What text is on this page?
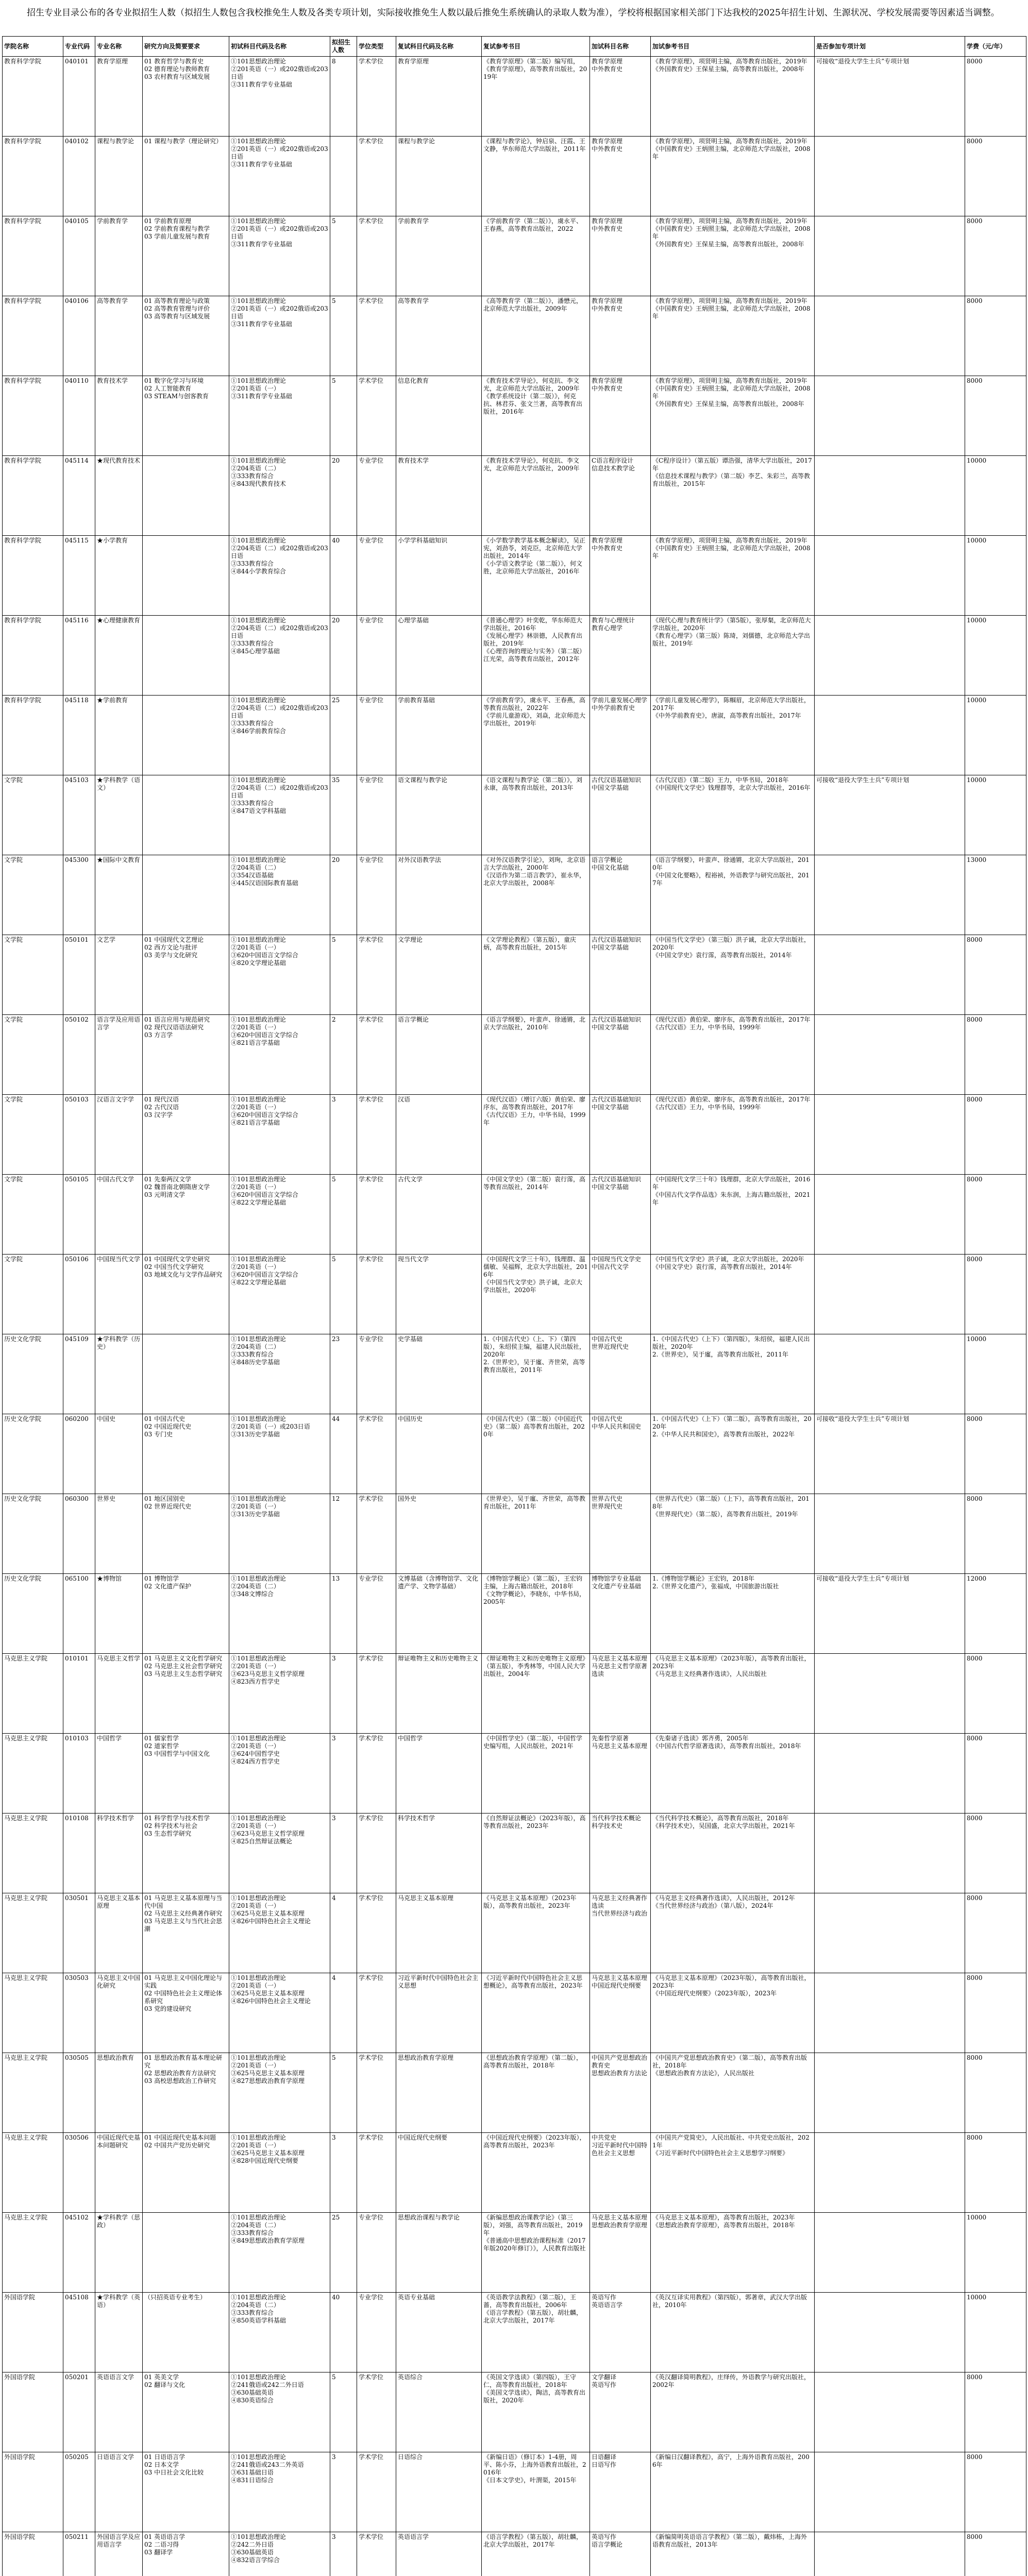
招生专业目录公布的各专业拟招生人数（拟招生人数包含我校推免生人数及各类专项计划，实际接收推免生人数以最后推免生系统确认的录取人数为准），学校将根据国家相关部门下达我校的2025年招生计划、生源状况、学校发展需要等因素适当调整。
学院名称	专业代码	专业名称	研究方向及简要要求	初试科目代码及名称	拟招生人数	学位类型	复试科目代码及名称	复试参考书目	加试科目名称	加试参考书目	是否参加专项计划	学费（元/年）

教育科学学院	040101	教育学原理	01 教育哲学与教育史
02 德育理论与教师教育
03 农村教育与区域发展	①101思想政治理论
②201英语（一）或202俄语或203日语
③311教育学专业基础	8	学术学位	教育学原理	《教育学原理》（第二版）编写组，《教育学原理》，高等教育出版社，2019年	教育学原理
中外教育史	《教育学原理》，项贤明主编，高等教育出版社，2019年
《外国教育史》王保星主编，高等教育出版社，2008年	可接收“退役大学生士兵”专项计划	8000

教育科学学院	040102	课程与教学论	01 课程与教学（理论研究）	①101思想政治理论
②201英语（一）或202俄语或203日语
③311教育学专业基础		学术学位	课程与教学论	《课程与教学论》，钟启泉、汪霞、王文静，华东师范大学出版社，2011年	教育学原理
中外教育史	《教育学原理》，项贤明主编，高等教育出版社，2019年
《中国教育史》王炳照主编，北京师范大学出版社，2008年		8000

教育科学学院	040105	学前教育学	01 学前教育原理
02 学前教育课程与教学
03 学前儿童发展与教育	①101思想政治理论
②201英语（一）或202俄语或203日语
③311教育学专业基础	5	学术学位	学前教育学	《学前教育学（第二版）》，虞永平、王春燕，高等教育出版社，2022	教育学原理
中外教育史	《教育学原理》，项贤明主编，高等教育出版社，2019年
《中国教育史》王炳照主编，北京师范大学出版社，2008年
《外国教育史》王保星主编，高等教育出版社，2008年		8000

教育科学学院	040106	高等教育学	01 高等教育理论与政策
02 高等教育管理与评价
03 高等教育与区域发展	①101思想政治理论
②201英语（一）或202俄语或203日语
③311教育学专业基础	5	学术学位	高等教育学	《高等教育学（第二版）》，潘懋元，北京师范大学出版社，2009年	教育学原理
中外教育史	《教育学原理》，项贤明主编，高等教育出版社，2019年
《中国教育史》王炳照主编，北京师范大学出版社，2008年		8000

教育科学学院	040110	教育技术学	01 数字化学习与环境
02 人工智能教育
03 STEAM与创客教育	①101思想政治理论
②201英语（一）
③311教育学专业基础	5	学术学位	信息化教育	《教育技术学导论》，何克抗、李文光，北京师范大学出版社，2009年
《教学系统设计（第二版）》，何克抗、林君芬、张文兰著，高等教育出版社，2016年	教育学原理
中外教育史	《教育学原理》，项贤明主编，高等教育出版社，2019年
《中国教育史》王炳照主编，北京师范大学出版社，2008年
《外国教育史》王保星主编，高等教育出版社，2008年		8000

教育科学学院	045114	★现代教育技术		①101思想政治理论
②204英语（二）
③333教育综合
④843现代教育技术	20	专业学位	教育技术学	《教育技术学导论》，何克抗、李文光，北京师范大学出版社，2009年	C语言程序设计
信息技术教学论	《C程序设计》（第五版）谭浩强，清华大学出版社，2017年
《信息技术课程与教学》（第二版）李艺、朱彩兰，高等教育出版社，2015年		10000

教育科学学院	045115	★小学教育		①101思想政治理论
②204英语（二）或202俄语或203日语
③333教育综合
④844小学教育综合	40	专业学位	小学学科基础知识	《小学数学教学基本概念解读》，吴正宪，刘劲苓，刘克臣，北京师范大学出版社，2014年
《小学语文教学论（第二版）》，何文胜，北京师范大学出版社，2016年	教育学原理
中外教育史	《教育学原理》，项贤明主编，高等教育出版社，2019年
《中国教育史》王炳照主编，北京师范大学出版社，2008年		10000

教育科学学院	045116	★心理健康教育		①101思想政治理论
②204英语（二）或202俄语或203日语
③333教育综合
④845心理学基础	20	专业学位	心理学基础	《普通心理学》叶奕乾，华东师范大学出版社，2016年
《发展心理学》林崇德，人民教育出版社，2019年
《心理咨询的理论与实务》（第二版）江光荣，高等教育出版社，2012年	教育与心理统计
教育心理学	《现代心理与教育统计学》（第5版），张厚粲，北京师范大学出版社，2020年
《教育心理学》（第三版）陈琦，刘儒德，北京师范大学出版社，2019年		10000

教育科学学院	045118	★学前教育		①101思想政治理论
②204英语（二）或202俄语或203日语
③333教育综合
④846学前教育综合	25	专业学位	学前教育基础	《学前教育学》，虞永平、王春燕，高等教育出版社，2022年
《学前儿童游戏》，刘焱，北京师范大学出版社，2019年	学前儿童发展心理学
中外学前教育史	《学前儿童发展心理学》，陈帼眉，北京师范大学出版社，2017年
《中外学前教育史》，唐淑，高等教育出版社，2017年		10000

文学院	045103	★学科教学（语文）		①101思想政治理论
②204英语（二）或202俄语或203日语
③333教育综合
④847语文学科基础	35	专业学位	语文课程与教学论	《语文课程与教学论（第二版）》，刘永康，高等教育出版社，2013年	古代汉语基础知识
中国文学基础	《古代汉语》（第二版）王力，中华书局，2018年
《中国现代文学史》钱理群等，北京大学出版社，2016年	可接收“退役大学生士兵”专项计划	10000

文学院	045300	★国际中文教育		①101思想政治理论
②204英语（二）
③354汉语基础
④445汉语国际教育基础	20	专业学位	对外汉语教学法	《对外汉语教学引论》，刘珣，北京语言大学出版社，2000年
《汉语作为第二语言教学》，崔永华，北京大学出版社，2008年	语言学概论
中国文化基础	《语言学纲要》，叶蜚声、徐通锵，北京大学出版社，2010年
《中国文化要略》，程裕祯，外语教学与研究出版社，2017年		13000

文学院	050101	文艺学	01 中国现代文艺理论
02 西方文论与批评
03 美学与文化研究	①101思想政治理论
②201英语（一）
③620中国语言文学综合
④820文学理论基础	5	学术学位	文学理论	《文学理论教程》（第五版），童庆炳，高等教育出版社，2015年	古代汉语基础知识
中国文学基础	《中国当代文学史》（第三版）洪子诚，北京大学出版社，2020年
《中国文学史》袁行霈，高等教育出版社，2014年		8000

文学院	050102	语言学及应用语言学	01 语言应用与规范研究
02 现代汉语语法研究
03 方言学	①101思想政治理论
②201英语（一）
③620中国语言文学综合
④821语言学基础	2	学术学位	语言学概论	《语言学纲要》，叶蜚声、徐通锵，北京大学出版社，2010年	古代汉语基础知识
中国文学基础	《现代汉语》黄伯荣、廖序东，高等教育出版社，2017年
《古代汉语》王力，中华书局，1999年		8000

文学院	050103	汉语言文字学	01 现代汉语
02 古代汉语
03 汉字学	①101思想政治理论
②201英语（一）
③620中国语言文学综合
④821语言学基础	3	学术学位	汉语	《现代汉语》（增订六版）黄伯荣、廖序东，高等教育出版社，2017年
《古代汉语》王力，中华书局，1999年	古代汉语基础知识
中国文学基础	《现代汉语》黄伯荣、廖序东，高等教育出版社，2017年
《古代汉语》王力，中华书局，1999年		8000

文学院	050105	中国古代文学	01 先秦两汉文学
02 魏晋南北朝隋唐文学
03 元明清文学	①101思想政治理论
②201英语（一）
③620中国语言文学综合
④822文学理论基础	5	学术学位	古代文学	《中国文学史》（第二版）袁行霈，高等教育出版社，2014年	古代汉语基础知识
中国文学基础	《中国现代文学三十年》钱理群，北京大学出版社，2016年
《中国古代文学作品选》朱东润，上海古籍出版社，2021年		8000

文学院	050106	中国现当代文学	01 中国现代文学史研究
02 中国当代文学研究
03 地域文化与文学作品研究	①101思想政治理论
②201英语（一）
③620中国语言文学综合
④822文学理论基础	5	学术学位	现当代文学	《中国现代文学三十年》，钱理群、温儒敏、吴福辉，北京大学出版社，2016年
《中国当代文学史》洪子诚，北京大学出版社，2020年	中国现当代文学史
中国古代文学	《中国当代文学史》洪子诚，北京大学出版社，2020年
《中国文学史》袁行霈，高等教育出版社，2014年		8000

历史文化学院	045109	★学科教学（历史）		①101思想政治理论
②204英语（二）
③333教育综合
④848历史学基础	23	专业学位	史学基础	1.《中国古代史》（上、下）（第四版），朱绍侯主编，福建人民出版社，2020年
2.《世界史》，吴于廑、齐世荣，高等教育出版社，2011年	中国古代史
世界近现代史	1.《中国古代史》（上下）（第四版），朱绍侯，福建人民出版社，2020年
2.《世界史》，吴于廑，高等教育出版社，2011年		10000

历史文化学院	060200	中国史	01 中国古代史
02 中国近现代史
03 专门史	①101思想政治理论
②201英语（一）或203日语
③313历史学基础	44	学术学位	中国历史	《中国古代史》（第二版）《中国近代史》（第二版）高等教育出版社，2020年	中国古代史
中华人民共和国史	1.《中国古代史》（上下）（第二版），高等教育出版社，2020年
2.《中华人民共和国史》，高等教育出版社，2022年	可接收“退役大学生士兵”专项计划	8000

历史文化学院	060300	世界史	01 地区国别史
02 世界近现代史	①101思想政治理论
②201英语（一）
③313历史学基础	12	学术学位	国外史	《世界史》，吴于廑、齐世荣，高等教育出版社，2011年	世界古代史
世界现代史	《世界古代史》（第二版）（上下），高等教育出版社，2018年
《世界现代史》（第二版），高等教育出版社，2019年		8000

历史文化学院	065100	★博物馆	01 博物馆学
02 文化遗产保护	①101思想政治理论
②204英语（二）
③348文博综合	13	专业学位	文博基础（含博物馆学、文化遗产学、文物学基础）	《博物馆学概论》（第二版），王宏钧主编，上海古籍出版社，2018年
《文物学概论》，李晓东，中华书局，2005年	博物馆学专业基础
文化遗产专业基础	1.《博物馆学概论》王宏钧，2018年
2.《世界文化遗产》，张福成，中国旅游出版社	可接收“退役大学生士兵”专项计划	12000

马克思主义学院	010101	马克思主义哲学	01 马克思主义文化哲学研究
02 马克思主义社会哲学研究
03 马克思主义生态哲学研究	①101思想政治理论
②201英语（一）
③623马克思主义哲学原理
④823西方哲学史	3	学术学位	辩证唯物主义和历史唯物主义	《辩证唯物主义和历史唯物主义原理》（第五版），李秀林等，中国人民大学出版社，2004年	马克思主义基本原理
马克思主义哲学原著选读	《马克思主义基本原理》（2023年版），高等教育出版社，2023年
《马克思主义经典著作选读》，人民出版社		8000

马克思主义学院	010103	中国哲学	01 儒家哲学
02 道家哲学
03 中国哲学与中国文化	①101思想政治理论
②201英语（一）
③624中国哲学史
④824西方哲学史	3	学术学位	中国哲学	《中国哲学史》（第二版），中国哲学史编写组，人民出版社，2021年	先秦哲学原著
马克思主义基本原理	《先秦诸子选读》郭齐勇，2005年
《中国古代哲学原著选读》，高等教育出版社，2018年		8000

马克思主义学院	010108	科学技术哲学	01 科学哲学与技术哲学
02 科学技术与社会
03 生态哲学研究	①101思想政治理论
②201英语（一）
③623马克思主义哲学原理
④825自然辩证法概论	3	学术学位	科学技术哲学	《自然辩证法概论》（2023年版），高等教育出版社，2023年	当代科学技术概论
科学技术史	《当代科学技术概论》，高等教育出版社，2018年
《科学技术史》，吴国盛，北京大学出版社，2021年		8000

马克思主义学院	030501	马克思主义基本原理	01 马克思主义基本原理与当代中国
02 马克思主义经典著作研究
03 马克思主义与当代社会思潮	①101思想政治理论
②201英语（一）
③625马克思主义基本原理
④826中国特色社会主义理论	4	学术学位	马克思主义基本原理	《马克思主义基本原理》（2023年版），高等教育出版社，2023年	马克思主义经典著作选读
当代世界经济与政治	《马克思主义经典著作选读》，人民出版社，2012年
《当代世界经济与政治》（第八版），2024年		8000

马克思主义学院	030503	马克思主义中国化研究	01 马克思主义中国化理论与实践
02 中国特色社会主义理论体系研究
03 党的建设研究	①101思想政治理论
②201英语（一）
③625马克思主义基本原理
④826中国特色社会主义理论	4	学术学位	习近平新时代中国特色社会主义思想	《习近平新时代中国特色社会主义思想概论》，高等教育出版社，2023年	马克思主义基本原理
中国近现代史纲要	《马克思主义基本原理》（2023年版），高等教育出版社，2023年
《中国近现代史纲要》（2023年版），2023年		8000

马克思主义学院	030505	思想政治教育	01 思想政治教育基本理论研究
02 思想政治教育方法研究
03 高校思想政治工作研究	①101思想政治理论
②201英语（一）
③625马克思主义基本原理
④827思想政治教育学原理	5	学术学位	思想政治教育学原理	《思想政治教育学原理》（第二版），高等教育出版社，2018年	中国共产党思想政治教育史
思想政治教育方法论	《中国共产党思想政治教育史》（第二版），高等教育出版社，2018年
《思想政治教育方法论》，人民出版社		8000

马克思主义学院	030506	中国近现代史基本问题研究	01 中国近现代史基本问题
02 中国共产党历史研究	①101思想政治理论
②201英语（一）
③625马克思主义基本原理
④828中国近现代史纲要	3	学术学位	中国近现代史纲要	《中国近现代史纲要》（2023年版），高等教育出版社，2023年	中共党史
习近平新时代中国特色社会主义思想	《中国共产党简史》，人民出版社、中共党史出版社，2021年
《习近平新时代中国特色社会主义思想学习纲要》		8000

马克思主义学院	045102	★学科教学（思政）		①101思想政治理论
②204英语（二）
③333教育综合
④849思想政治教育学原理	25	专业学位	思想政治课程与教学论	《新编思想政治课教学论》（第三版），刘强，高等教育出版社，2019年
《普通高中思想政治课程标准（2017年版2020年修订）》，人民教育出版社	马克思主义基本原理
思想政治教育学原理	《马克思主义基本原理》，高等教育出版社，2023年
《思想政治教育学原理》，高等教育出版社，2018年		10000

外国语学院	045108	★学科教学（英语）	（只招英语专业考生）	①101思想政治理论
②204英语（二）
③333教育综合
④850英语学科基础	40	专业学位	英语专业基础	《英语教学法教程》（第二版），王蔷，高等教育出版社，2006年
《语言学教程》（第五版），胡壮麟，北京大学出版社，2017年	英语写作
英语语言学	《英汉互译实用教程》（第四版），郭著章，武汉大学出版社，2010年		10000

外国语学院	050201	英语语言文学	01 英美文学
02 翻译与文化	①101思想政治理论
②241俄语或242二外日语
③630基础英语
④830英语综合	5	学术学位	英语综合	《英国文学选读》（第四版），王守仁，高等教育出版社，2018年
《美国文学选读》，陶洁，高等教育出版社，2020年	文学翻译
英语写作	《英汉翻译简明教程》，庄绎传，外语教学与研究出版社，2002年		8000

外国语学院	050205	日语语言文学	01 日语语言学
02 日本文学
03 中日社会文化比较	①101思想政治理论
②241俄语或243二外英语
③631基础日语
④831日语综合	3	学术学位	日语综合	《新编日语》（修订本）1-4册，周平、陈小芬，上海外语教育出版社，2016年
《日本文学史》，叶渭渠，2015年	日语翻译
日语写作	《新编日汉翻译教程》，高宁，上海外语教育出版社，2006年		8000

外国语学院	050211	外国语言学及应用语言学	01 英语语言学
02 二语习得
03 翻译学	①101思想政治理论
②242二外日语
③630基础英语
④832语言学综合	3	学术学位	英语语言学	《语言学教程》（第五版），胡壮麟，北京大学出版社，2017年	英语写作
语言学概论	《新编简明英语语言学教程》（第二版），戴炜栋，上海外语教育出版社，2013年		8000
